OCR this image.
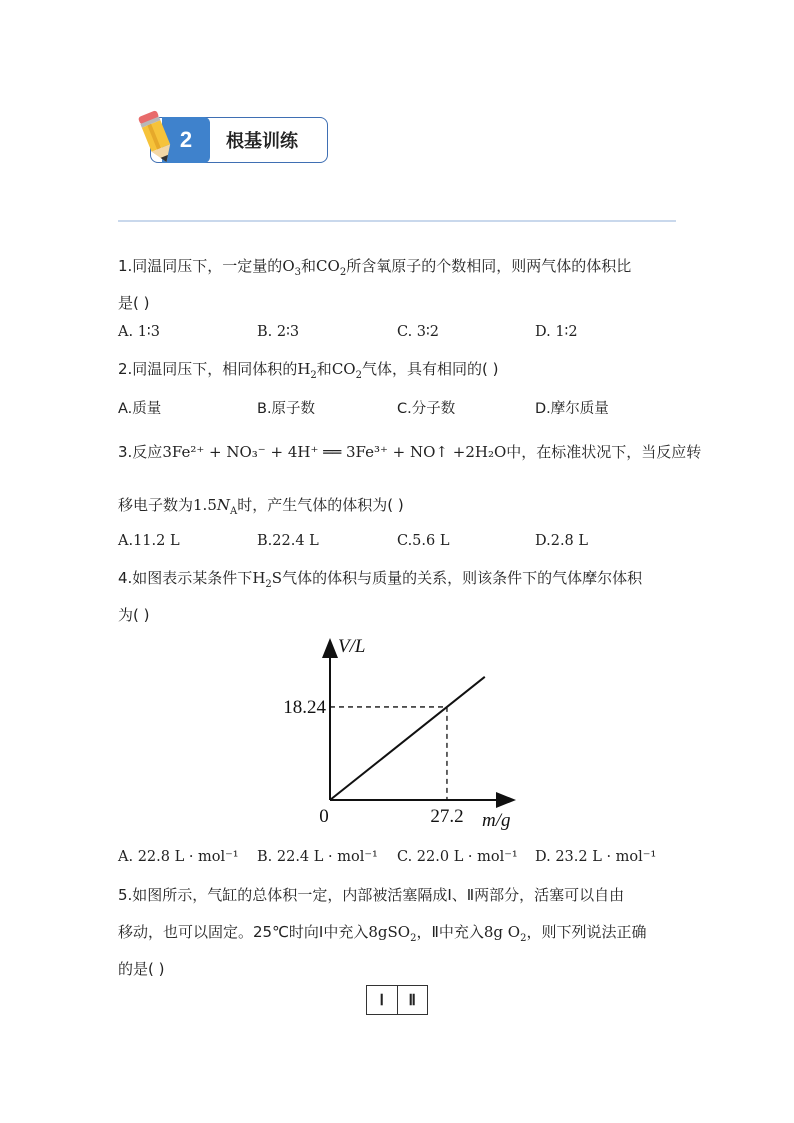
2	根基训练
1.同温同压下，一定量的$O_3$和$CO_2$所含氧原子的个数相同，则两气体的体积比
是( )
A. 1∶3	B. 2∶3	C. 3∶2	D. 1∶2
2.同温同压下，相同体积的$H_2$和$CO_2$气体，具有相同的( )
A.质量	B.原子数	C.分子数	D.摩尔质量
3.反应3Fe²⁺ + NO₃⁻ + 4H⁺ ══ 3Fe³⁺ + NO↑ +2H₂O中，在标准状况下，当反应转
移电子数为$1.5N_A$时，产生气体的体积为( )
A.11.2 L	B.22.4 L	C.5.6 L	D.2.8 L
4.如图表示某条件下$H_2S$气体的体积与质量的关系，则该条件下的气体摩尔体积
为( )
V/L
m/g
0	27.2
18.24
A. 22.8 L · mol⁻¹ B. 22.4 L · mol⁻¹ C. 22.0 L · mol⁻¹ D. 23.2 L · mol⁻¹
5.如图所示，气缸的总体积一定，内部被活塞隔成Ⅰ、Ⅱ两部分，活塞可以自由
移动，也可以固定。25℃时向Ⅰ中充入8gSO$_2$，Ⅱ中充入8g $O_2$，则下列说法正确
的是( )
Ⅰ	Ⅱ
